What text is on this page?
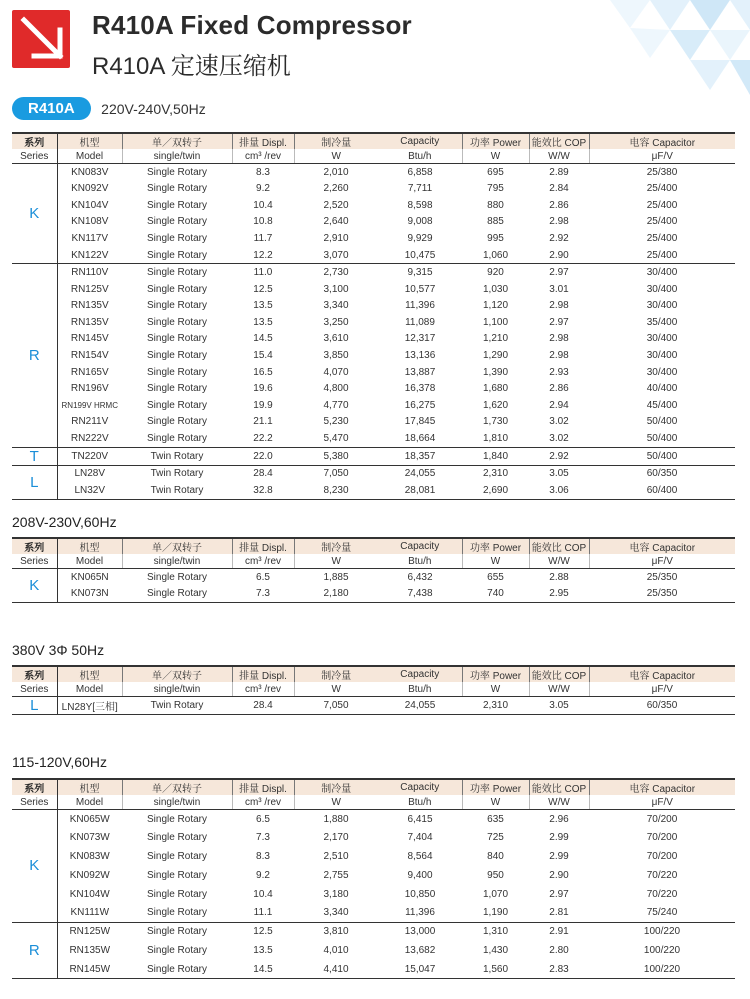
R410A Fixed Compressor
R410A 定速压缩机
R410A 220V-240V,50Hz
208V-230V,60Hz
380V 3Φ 50Hz
115-120V,60Hz
系列	机型	单／双转子	排量 Displ.	制冷量	Capacity	功率 Power	能效比 COP	电容 Capacitor
Series	Model	single/twin	cm³ /rev	W	Btu/h	W	W/W	μF/V
K	KN083V	Single Rotary	8.3	2,010	6,858	695	2.89	25/380
	KN092V	Single Rotary	9.2	2,260	7,711	795	2.84	25/400
	KN104V	Single Rotary	10.4	2,520	8,598	880	2.86	25/400
	KN108V	Single Rotary	10.8	2,640	9,008	885	2.98	25/400
	KN117V	Single Rotary	11.7	2,910	9,929	995	2.92	25/400
	KN122V	Single Rotary	12.2	3,070	10,475	1,060	2.90	25/400
R	RN110V	Single Rotary	11.0	2,730	9,315	920	2.97	30/400
	RN125V	Single Rotary	12.5	3,100	10,577	1,030	3.01	30/400
	RN135V	Single Rotary	13.5	3,340	11,396	1,120	2.98	30/400
	RN135V	Single Rotary	13.5	3,250	11,089	1,100	2.97	35/400
	RN145V	Single Rotary	14.5	3,610	12,317	1,210	2.98	30/400
	RN154V	Single Rotary	15.4	3,850	13,136	1,290	2.98	30/400
	RN165V	Single Rotary	16.5	4,070	13,887	1,390	2.93	30/400
	RN196V	Single Rotary	19.6	4,800	16,378	1,680	2.86	40/400
	RN199V HRMC	Single Rotary	19.9	4,770	16,275	1,620	2.94	45/400
	RN211V	Single Rotary	21.1	5,230	17,845	1,730	3.02	50/400
	RN222V	Single Rotary	22.2	5,470	18,664	1,810	3.02	50/400
T	TN220V	Twin Rotary	22.0	5,380	18,357	1,840	2.92	50/400
L	LN28V	Twin Rotary	28.4	7,050	24,055	2,310	3.05	60/350
	LN32V	Twin Rotary	32.8	8,230	28,081	2,690	3.06	60/400
系列	机型	单／双转子	排量 Displ.	制冷量	Capacity	功率 Power	能效比 COP	电容 Capacitor
Series	Model	single/twin	cm³ /rev	W	Btu/h	W	W/W	μF/V
K	KN065N	Single Rotary	6.5	1,885	6,432	655	2.88	25/350
	KN073N	Single Rotary	7.3	2,180	7,438	740	2.95	25/350
系列	机型	单／双转子	排量 Displ.	制冷量	Capacity	功率 Power	能效比 COP	电容 Capacitor
Series	Model	single/twin	cm³ /rev	W	Btu/h	W	W/W	μF/V
L	LN28Y[三相]	Twin Rotary	28.4	7,050	24,055	2,310	3.05	60/350
系列	机型	单／双转子	排量 Displ.	制冷量	Capacity	功率 Power	能效比 COP	电容 Capacitor
Series	Model	single/twin	cm³ /rev	W	Btu/h	W	W/W	μF/V
K	KN065W	Single Rotary	6.5	1,880	6,415	635	2.96	70/200
	KN073W	Single Rotary	7.3	2,170	7,404	725	2.99	70/200
	KN083W	Single Rotary	8.3	2,510	8,564	840	2.99	70/200
	KN092W	Single Rotary	9.2	2,755	9,400	950	2.90	70/220
	KN104W	Single Rotary	10.4	3,180	10,850	1,070	2.97	70/220
	KN111W	Single Rotary	11.1	3,340	11,396	1,190	2.81	75/240
R	RN125W	Single Rotary	12.5	3,810	13,000	1,310	2.91	100/220
	RN135W	Single Rotary	13.5	4,010	13,682	1,430	2.80	100/220
	RN145W	Single Rotary	14.5	4,410	15,047	1,560	2.83	100/220
